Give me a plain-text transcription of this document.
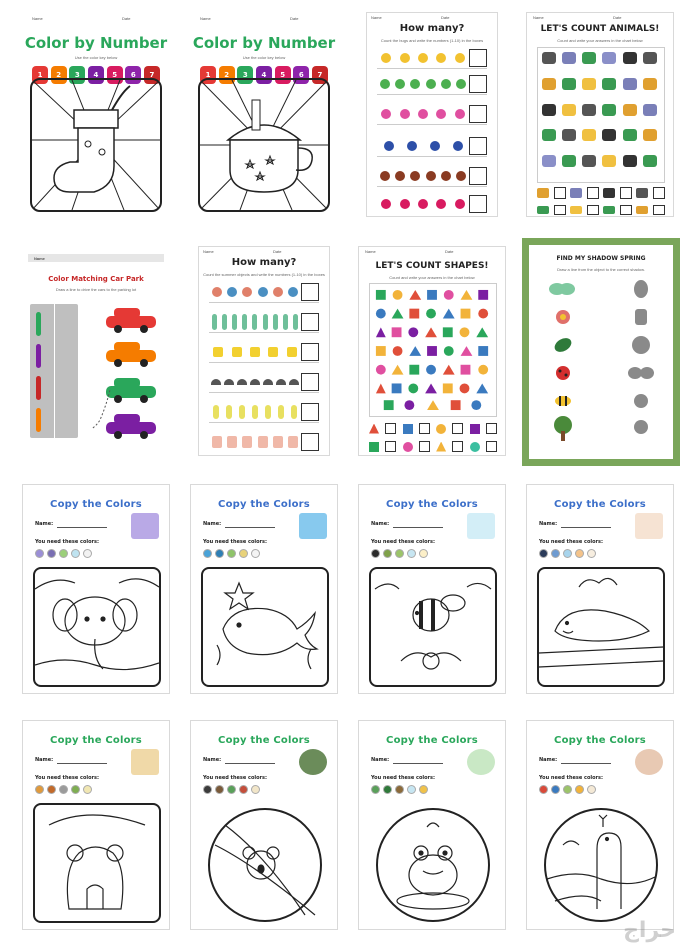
Name	Date
Color by Number
Use the color key below
1	2	3	4	5	6	7
Name	Date
Color by Number
Use the color key below
1	2	3	4	5	6	7
Name	Date
How many?
Count the bugs and write the numbers (1-10) in the boxes
Name	Date
LET'S COUNT ANIMALS!
Count and write your answers in the chart below
Name
Color Matching Car Park
Draw a line to drive the cars to the parking lot
Name	Date
How many?
Count the summer objects and write the numbers (1-10) in the boxes
Name	Date
LET'S COUNT SHAPES!
Count and write your answers in the chart below
FIND MY SHADOW SPRING
Draw a line from the object to the correct shadow.
Copy the Colors
Name:
You need these colors:
Copy the Colors
Name:
You need these colors:
Copy the Colors
Name:
You need these colors:
Copy the Colors
Name:
You need these colors:
Copy the Colors
Name:
You need these colors:
Copy the Colors
Name:
You need these colors:
Copy the Colors
Name:
You need these colors:
Copy the Colors
Name:
You need these colors:
حراج
